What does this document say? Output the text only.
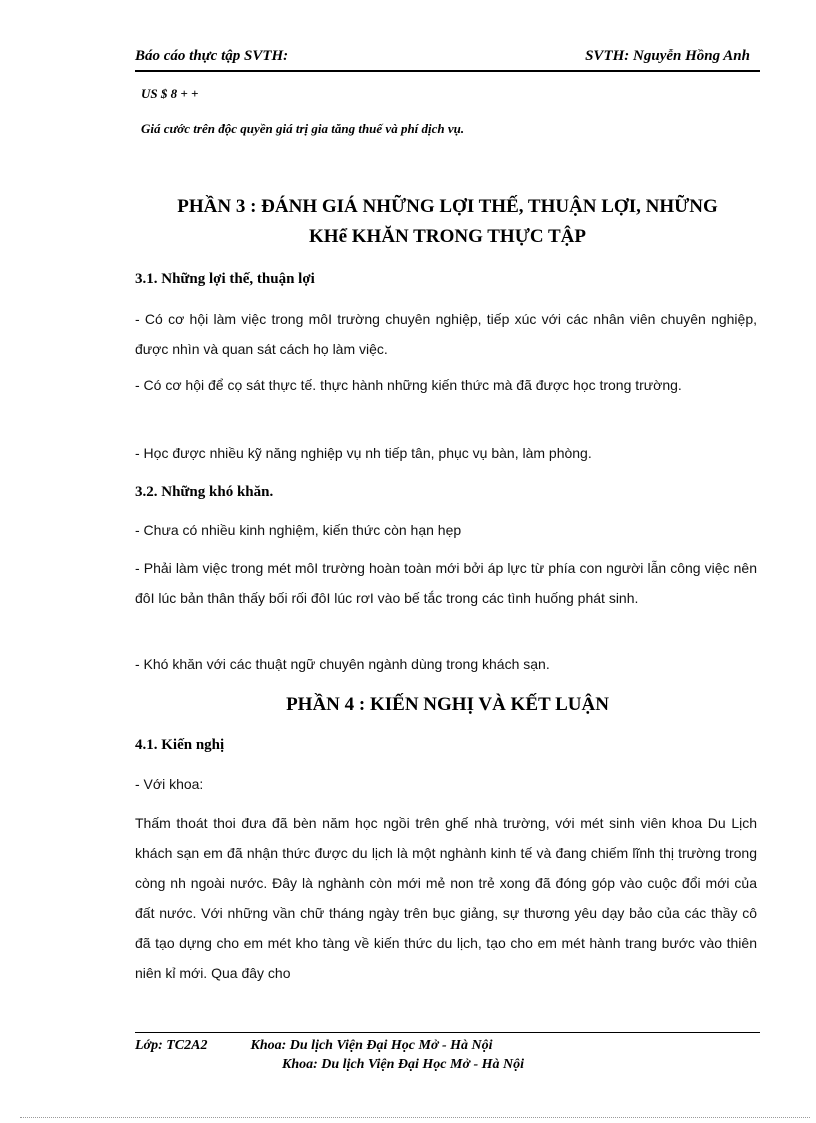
Báo cáo thực tập SVTH:	SVTH: Nguyễn Hồng Anh
US $ 8 + +
Giá cước trên độc quyền giá trị gia tăng thuế và phí dịch vụ.
PHẦN 3 : ĐÁNH GIÁ NHỮNG LỢI THẾ, THUẬN LỢI, NHỮNG
KHể KHĂN TRONG THỰC TẬP
3.1. Những lợi thế, thuận lợi
- Có cơ hội làm việc trong môI trường chuyên nghiệp, tiếp xúc với các nhân viên chuyên nghiệp, được nhìn và quan sát cách họ làm việc.
- Có cơ hội để cọ sát thực tế. thực hành những kiến thức mà đã được học trong trường.
- Học được nhiều kỹ năng nghiệp vụ nh tiếp tân, phục vụ bàn, làm phòng.
3.2. Những khó khăn.
- Chưa có nhiều kinh nghiệm, kiến thức còn hạn hẹp
- Phải làm việc trong mét môI trường hoàn toàn mới bởi áp lực từ phía con người lẫn công việc nên đôI lúc bản thân thấy bối rối đôI lúc rơI vào bế tắc trong các tình huống phát sinh.
- Khó khăn với các thuật ngữ chuyên ngành dùng trong khách sạn.
PHẦN 4 : KIẾN NGHỊ VÀ KẾT LUẬN
4.1. Kiến nghị
- Với khoa:
Thấm thoát thoi đưa đã bèn năm học ngồi trên ghế nhà trường, với mét sinh viên khoa Du Lịch khách sạn em đã nhận thức được du lịch là một nghành kinh tế và đang chiếm lĩnh thị trường trong còng nh ngoài nước. Đây là nghành còn mới mẻ non trẻ xong đã đóng góp vào cuộc đổi mới của đất nước. Với những vần chữ tháng ngày trên bục giảng, sự thương yêu dạy bảo của các thầy cô đã tạo dựng cho em mét kho tàng về kiến thức du lịch, tạo cho em mét hành trang bước vào thiên niên kỉ mới. Qua đây cho
Lớp: TC2A2	Khoa: Du lịch Viện Đại Học Mở - Hà Nội
Khoa: Du lịch Viện Đại Học Mở - Hà Nội
